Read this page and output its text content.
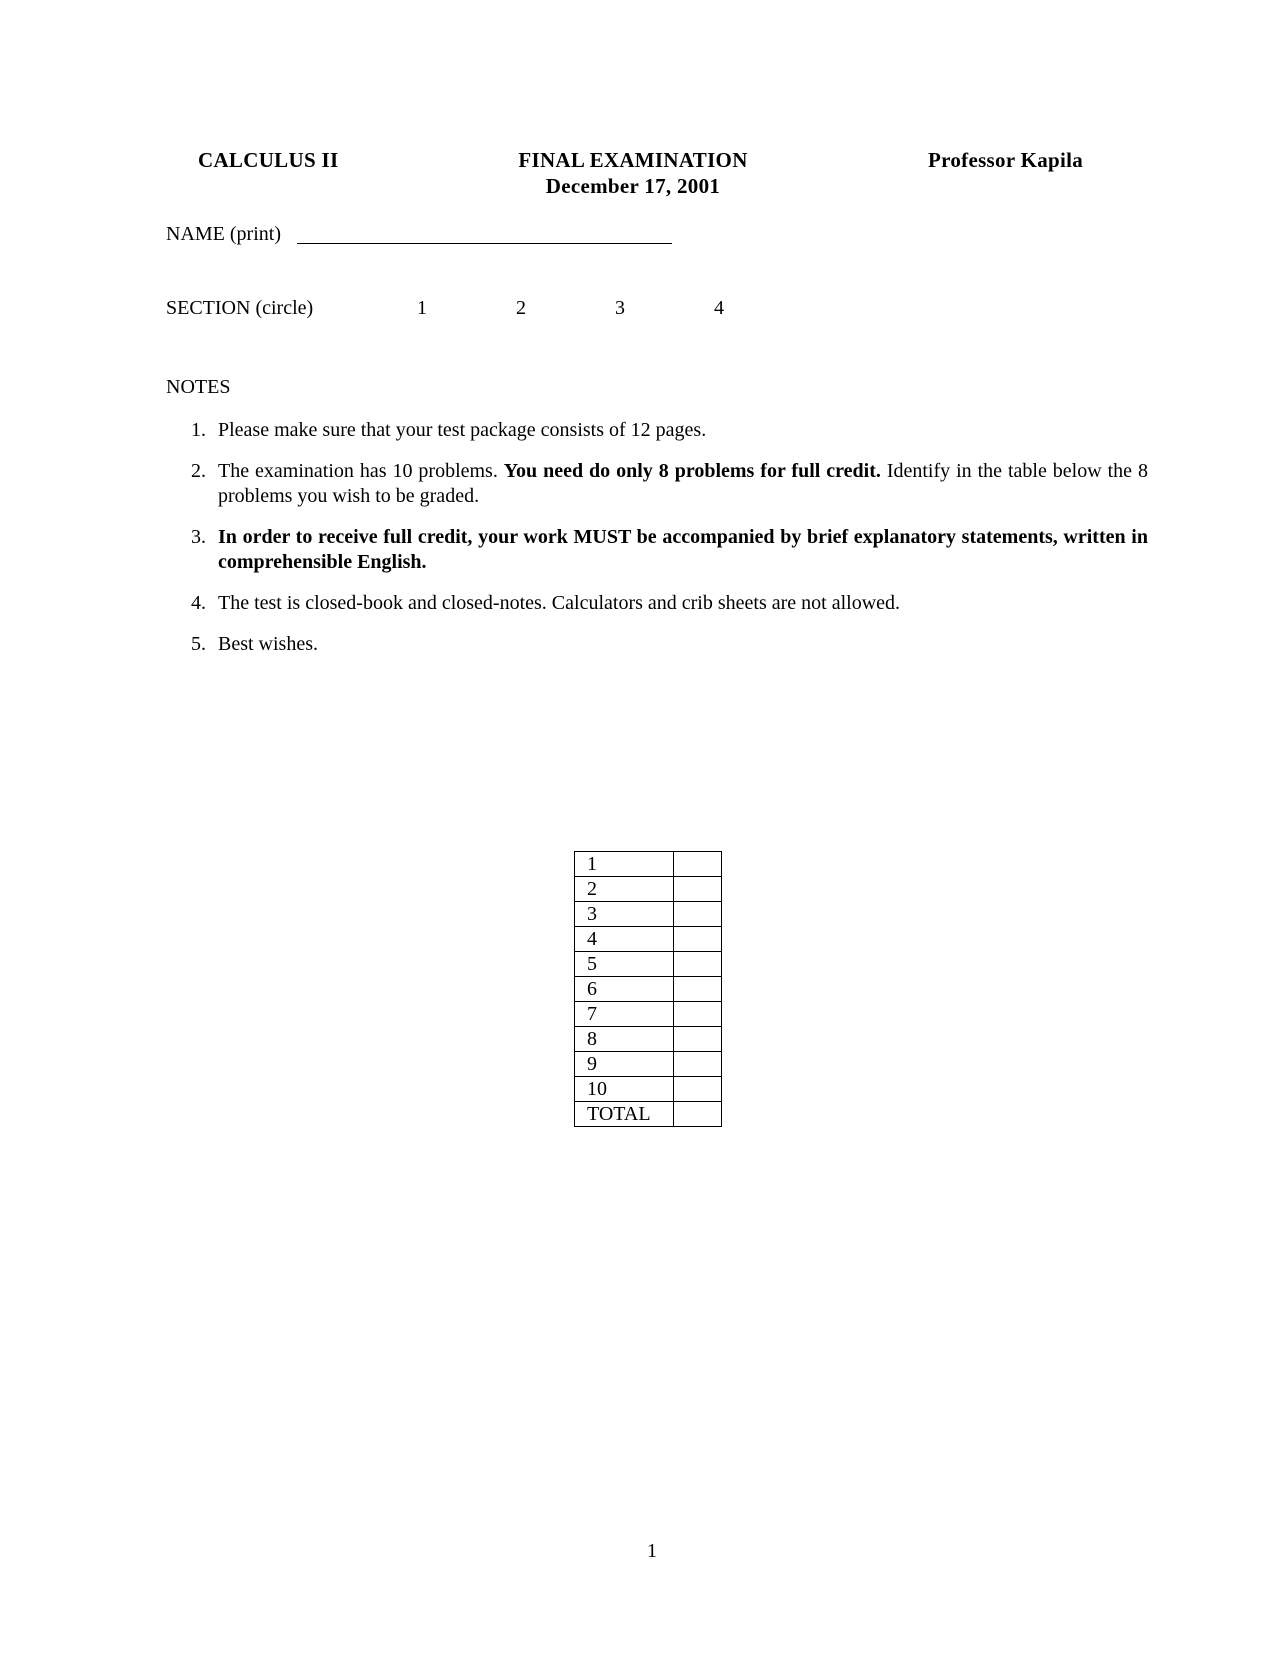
CALCULUS II	FINAL EXAMINATION
December 17, 2001
Professor Kapila
NAME (print)
SECTION (circle)	1	2	3	4
NOTES
1. Please make sure that your test package consists of 12 pages.
2. The examination has 10 problems. You need do only 8 problems for full credit. Identify in the table below the 8 problems you wish to be graded.
3. In order to receive full credit, your work MUST be accompanied by brief explanatory statements, written in comprehensible English.
4. The test is closed-book and closed-notes. Calculators and crib sheets are not allowed.
5. Best wishes.
1	
2	
3	
4	
5	
6	
7	
8	
9	
10	
TOTAL	
1
